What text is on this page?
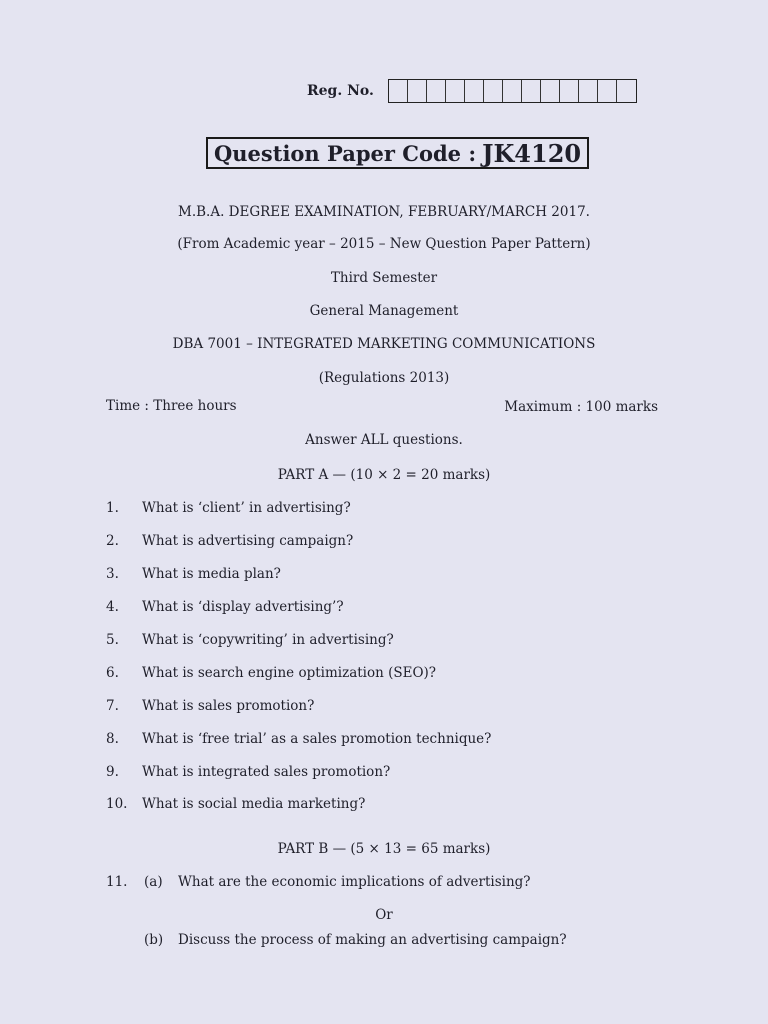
Reg. No.
Question Paper Code : JK4120
M.B.A. DEGREE EXAMINATION, FEBRUARY/MARCH 2017.
(From Academic year – 2015 – New Question Paper Pattern)
Third Semester
General Management
DBA 7001 – INTEGRATED MARKETING COMMUNICATIONS
(Regulations 2013)
Time : Three hours	Maximum : 100 marks
Answer ALL questions.
PART A — (10 × 2 = 20 marks)
1. What is ‘client’ in advertising?
2. What is advertising campaign?
3. What is media plan?
4. What is ‘display advertising’?
5. What is ‘copywriting’ in advertising?
6. What is search engine optimization (SEO)?
7. What is sales promotion?
8. What is ‘free trial’ as a sales promotion technique?
9. What is integrated sales promotion?
10. What is social media marketing?
PART B — (5 × 13 = 65 marks)
11. (a) What are the economic implications of advertising?
Or
(b) Discuss the process of making an advertising campaign?
